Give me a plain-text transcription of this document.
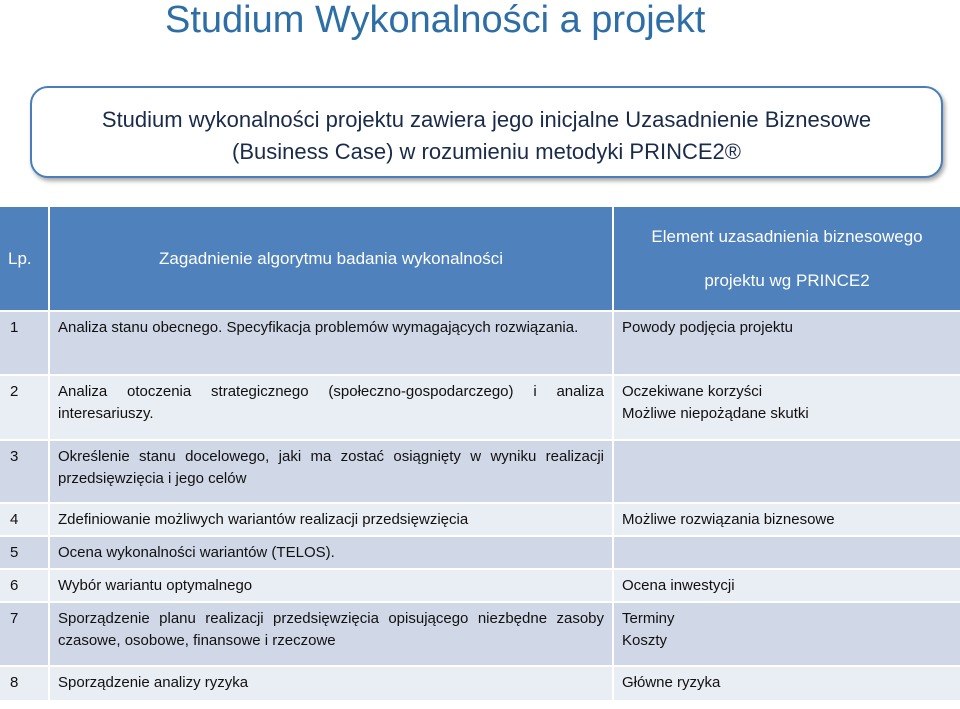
Studium Wykonalności a projekt
Studium wykonalności projektu zawiera jego inicjalne Uzasadnienie Biznesowe
(Business Case) w rozumieniu metodyki PRINCE2®
Lp.	Zagadnienie algorytmu badania wykonalności	Element uzasadnienia biznesowego
projektu wg PRINCE2

1	Analiza stanu obecnego. Specyfikacja problemów wymagających rozwiązania.	Powody podjęcia projektu

2	Analiza otoczenia strategicznego (społeczno-gospodarczego) i analiza interesariuszy.	Oczekiwane korzyści
Możliwe niepożądane skutki

3	Określenie stanu docelowego, jaki ma zostać osiągnięty w wyniku realizacji przedsięwzięcia i jego celów	

4	Zdefiniowanie możliwych wariantów realizacji przedsięwzięcia	Możliwe rozwiązania biznesowe

5	Ocena wykonalności wariantów (TELOS).	

6	Wybór wariantu optymalnego	Ocena inwestycji

7	Sporządzenie planu realizacji przedsięwzięcia opisującego niezbędne zasoby czasowe, osobowe, finansowe i rzeczowe	Terminy
Koszty

8	Sporządzenie analizy ryzyka	Główne ryzyka
